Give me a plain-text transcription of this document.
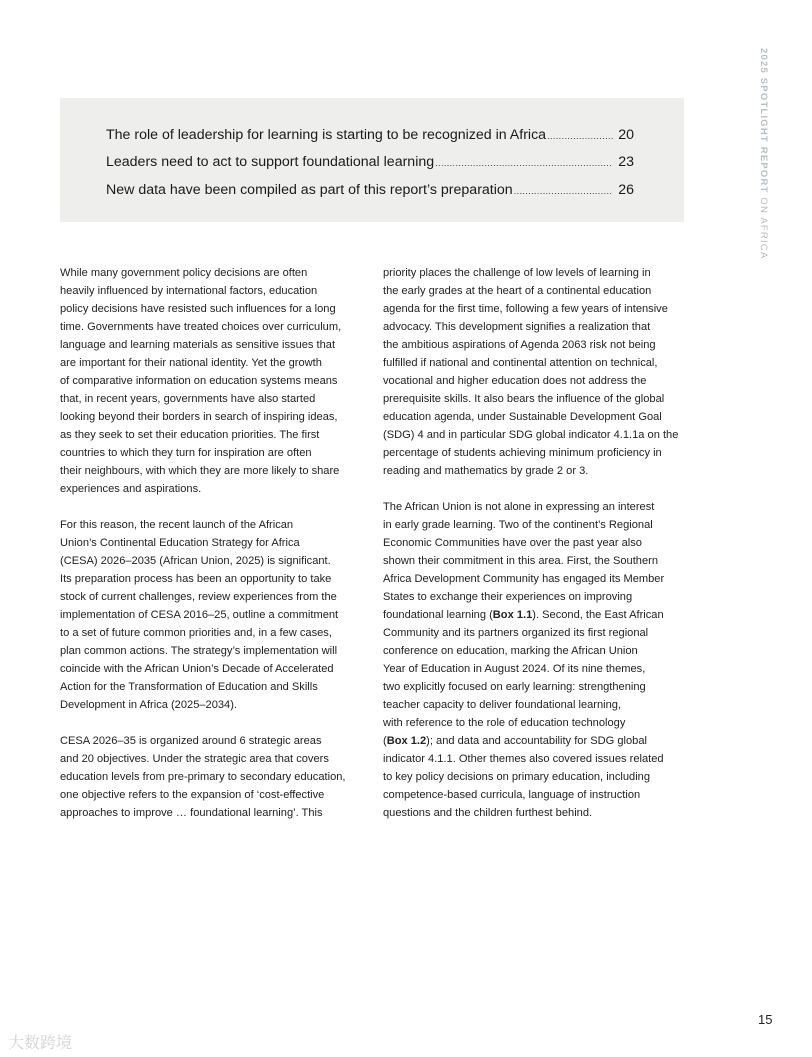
2025 SPOTLIGHT REPORT ON AFRICA
The role of leadership for learning is starting to be recognized in Africa .....	20
Leaders need to act to support foundational learning .....	23
New data have been compiled as part of this report’s preparation .....	26

While many government policy decisions are often
heavily influenced by international factors, education
policy decisions have resisted such influences for a long
time. Governments have treated choices over curriculum,
language and learning materials as sensitive issues that
are important for their national identity. Yet the growth
of comparative information on education systems means
that, in recent years, governments have also started
looking beyond their borders in search of inspiring ideas,
as they seek to set their education priorities. The first
countries to which they turn for inspiration are often
their neighbours, with which they are more likely to share
experiences and aspirations.

For this reason, the recent launch of the African
Union’s Continental Education Strategy for Africa
(CESA) 2026–2035 (African Union, 2025) is significant.
Its preparation process has been an opportunity to take
stock of current challenges, review experiences from the
implementation of CESA 2016–25, outline a commitment
to a set of future common priorities and, in a few cases,
plan common actions. The strategy’s implementation will
coincide with the African Union’s Decade of Accelerated
Action for the Transformation of Education and Skills
Development in Africa (2025–2034).

CESA 2026–35 is organized around 6 strategic areas
and 20 objectives. Under the strategic area that covers
education levels from pre-primary to secondary education,
one objective refers to the expansion of ‘cost-effective
approaches to improve … foundational learning’. This

priority places the challenge of low levels of learning in
the early grades at the heart of a continental education
agenda for the first time, following a few years of intensive
advocacy. This development signifies a realization that
the ambitious aspirations of Agenda 2063 risk not being
fulfilled if national and continental attention on technical,
vocational and higher education does not address the
prerequisite skills. It also bears the influence of the global
education agenda, under Sustainable Development Goal
(SDG) 4 and in particular SDG global indicator 4.1.1a on the
percentage of students achieving minimum proficiency in
reading and mathematics by grade 2 or 3.

The African Union is not alone in expressing an interest
in early grade learning. Two of the continent’s Regional
Economic Communities have over the past year also
shown their commitment in this area. First, the Southern
Africa Development Community has engaged its Member
States to exchange their experiences on improving
foundational learning (Box 1.1). Second, the East African
Community and its partners organized its first regional
conference on education, marking the African Union
Year of Education in August 2024. Of its nine themes,
two explicitly focused on early learning: strengthening
teacher capacity to deliver foundational learning,
with reference to the role of education technology
(Box 1.2); and data and accountability for SDG global
indicator 4.1.1. Other themes also covered issues related
to key policy decisions on primary education, including
competence-based curricula, language of instruction
questions and the children furthest behind.

15
大数跨境
